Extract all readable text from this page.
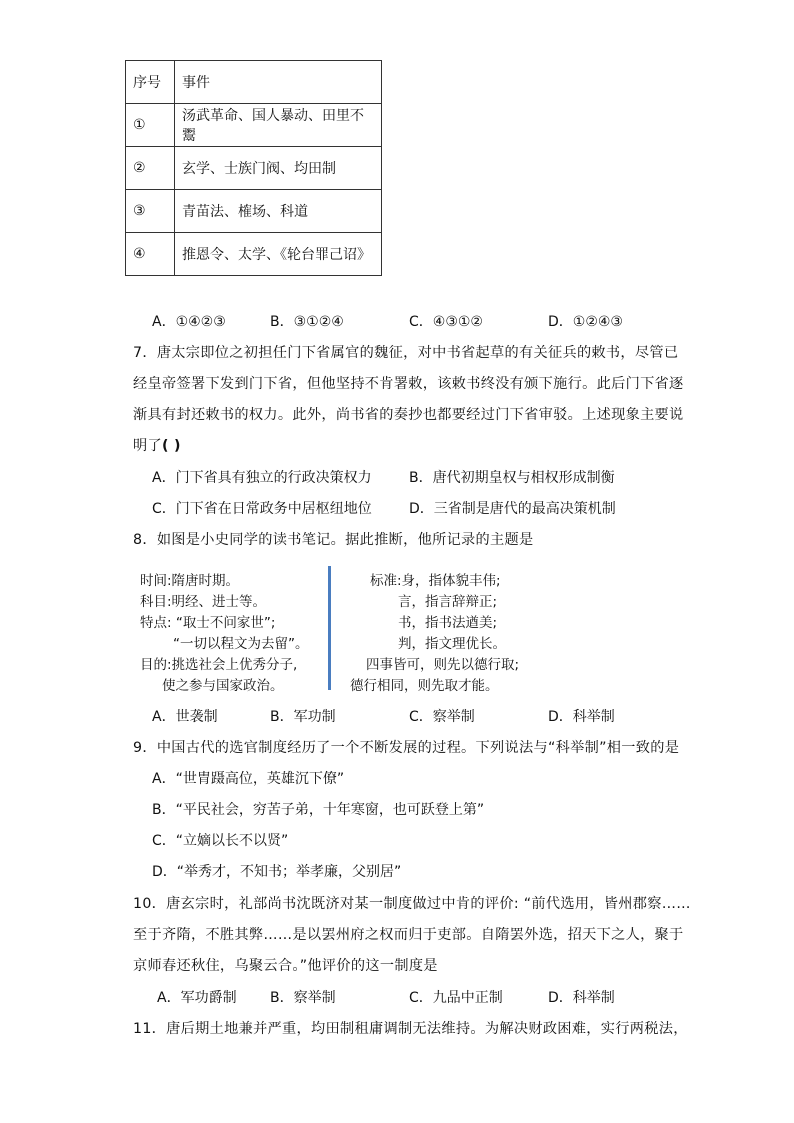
序号	事件
①	汤武革命、国人暴动、田里不鬻
②	玄学、士族门阀、均田制
③	青苗法、榷场、科道
④	推恩令、太学、《轮台罪己诏》
A．①④②③	B．③①②④	C．④③①②	D．①②④③
7．唐太宗即位之初担任门下省属官的魏征，对中书省起草的有关征兵的敕书，尽管已
经皇帝签署下发到门下省，但他坚持不肯署敕，该敕书终没有颁下施行。此后门下省逐
渐具有封还敕书的权力。此外，尚书省的奏抄也都要经过门下省审驳。上述现象主要说
明了( )
A．门下省具有独立的行政决策权力	B．唐代初期皇权与相权形成制衡
C．门下省在日常政务中居枢纽地位	D．三省制是唐代的最高决策机制
8．如图是小史同学的读书笔记。据此推断，他所记录的主题是
时间:隋唐时期。
科目:明经、进士等。
特点: “取士不问家世”;
“一切以程文为去留”。
目的:挑选社会上优秀分子,
使之参与国家政治。
标准:身，指体貌丰伟;
言，指言辞辩正;
书，指书法遒美;
判，指文理优长。
四事皆可，则先以德行取;
德行相同，则先取才能。
A．世袭制	B．军功制	C．察举制	D．科举制
9．中国古代的选官制度经历了一个不断发展的过程。下列说法与“科举制”相一致的是
A．“世胄蹑高位，英雄沉下僚”
B．“平民社会，穷苦子弟，十年寒窗，也可跃登上第”
C．“立嫡以长不以贤”
D．“举秀才，不知书；举孝廉，父别居”
10．唐玄宗时，礼部尚书沈既济对某一制度做过中肯的评价: “前代选用，皆州郡察……
至于齐隋，不胜其弊……是以罢州府之权而归于吏部。自隋罢外选，招天下之人，聚于
京师春还秋住，乌聚云合。”他评价的这一制度是
A．军功爵制 B．察举制	C．九品中正制	D．科举制
11．唐后期土地兼并严重，均田制租庸调制无法维持。为解决财政困难，实行两税法，
